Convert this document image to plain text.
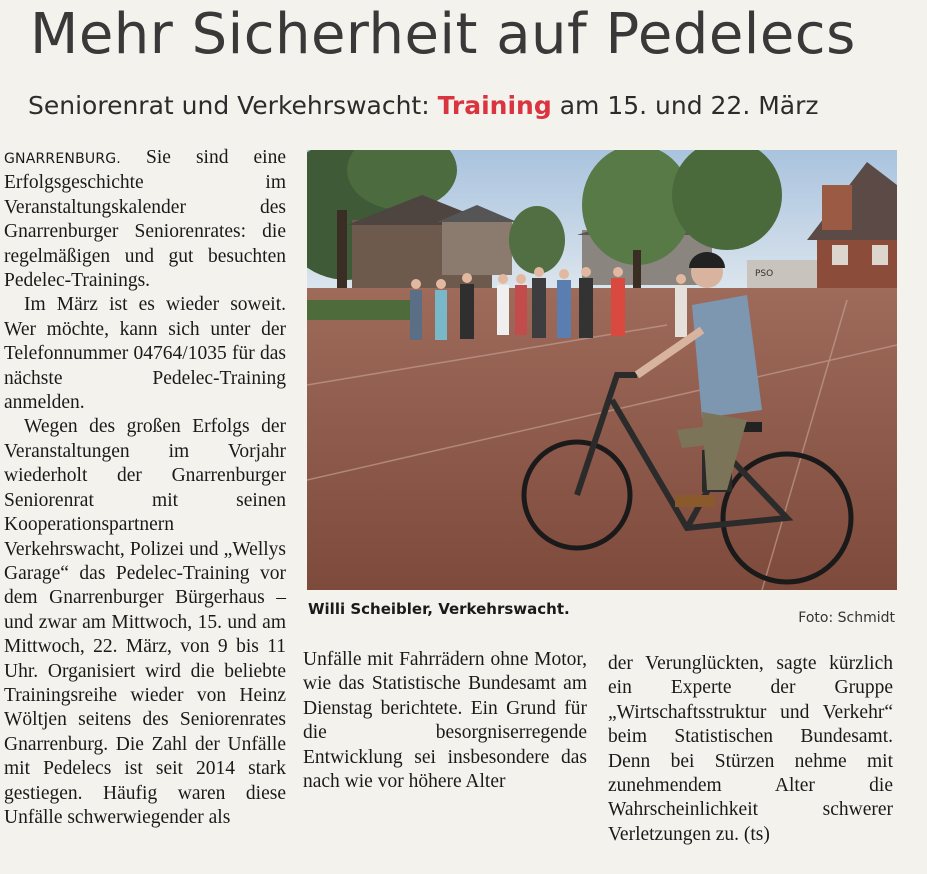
Mehr Sicherheit auf Pedelecs
Seniorenrat und Verkehrswacht: Training am 15. und 22. März

GNARRENBURG. Sie sind eine Erfolgsgeschichte im Veranstaltungskalender des Gnarrenburger Seniorenrates: die regelmäßigen und gut besuchten Pedelec-Trainings.

Im März ist es wieder soweit. Wer möchte, kann sich unter der Telefonnummer 04764/1035 für das nächste Pedelec-Training anmelden.

Wegen des großen Erfolgs der Veranstaltungen im Vorjahr wiederholt der Gnarrenburger Seniorenrat mit seinen Kooperationspartnern Verkehrswacht, Polizei und „Wellys Garage“ das Pedelec-Training vor dem Gnarrenburger Bürgerhaus – und zwar am Mittwoch, 15. und am Mittwoch, 22. März, von 9 bis 11 Uhr. Organisiert wird die beliebte Trainingsreihe wieder von Heinz Wöltjen seitens des Seniorenrates Gnarrenburg. Die Zahl der Unfälle mit Pedelecs ist seit 2014 stark gestiegen. Häufig waren diese Unfälle schwerwiegender als

PSO
Willi Scheibler, Verkehrswacht.	Foto: Schmidt

Unfälle mit Fahrrädern ohne Motor, wie das Statistische Bundesamt am Dienstag berichtete. Ein Grund für die besorgniserregende Entwicklung sei insbesondere das nach wie vor höhere Alter

der Verunglückten, sagte kürzlich ein Experte der Gruppe „Wirtschaftsstruktur und Verkehr“ beim Statistischen Bundesamt. Denn bei Stürzen nehme mit zunehmendem Alter die Wahrscheinlichkeit schwerer Verletzungen zu. (ts)
